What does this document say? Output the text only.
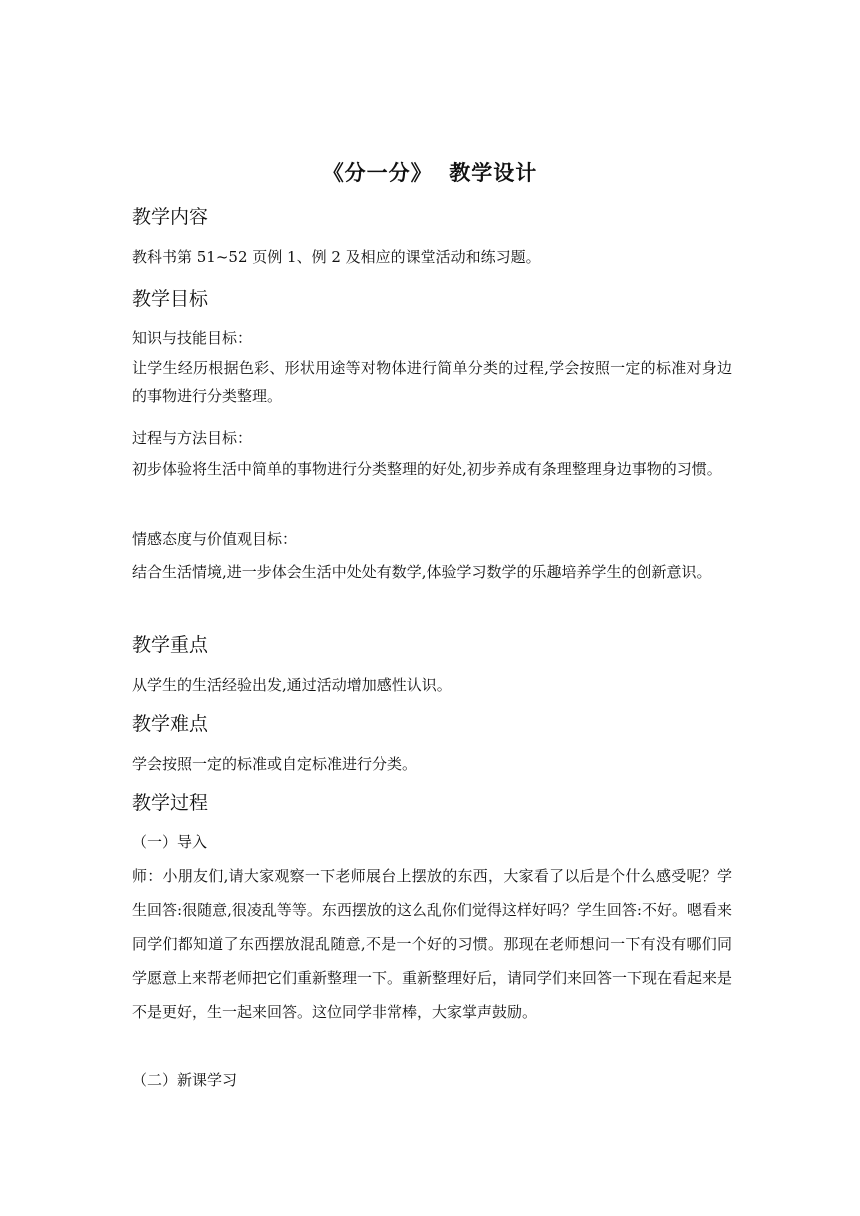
《分一分》  教学设计
教学内容
教科书第 51~52 页例 1、例 2 及相应的课堂活动和练习题。
教学目标
知识与技能目标：
让学生经历根据色彩、形状用途等对物体进行简单分类的过程,学会按照一定的标准对身边的事物进行分类整理。
过程与方法目标：
初步体验将生活中简单的事物进行分类整理的好处,初步养成有条理整理身边事物的习惯。
情感态度与价值观目标：
结合生活情境,进一步体会生活中处处有数学,体验学习数学的乐趣培养学生的创新意识。
教学重点
从学生的生活经验出发,通过活动增加感性认识。
教学难点
学会按照一定的标准或自定标准进行分类。
教学过程
（一）导入
师：小朋友们,请大家观察一下老师展台上摆放的东西，大家看了以后是个什么感受呢？学生回答:很随意,很凌乱等等。东西摆放的这么乱你们觉得这样好吗？学生回答:不好。嗯看来同学们都知道了东西摆放混乱随意,不是一个好的习惯。那现在老师想问一下有没有哪们同学愿意上来帮老师把它们重新整理一下。重新整理好后，请同学们来回答一下现在看起来是不是更好，生一起来回答。这位同学非常棒，大家掌声鼓励。
（二）新课学习
